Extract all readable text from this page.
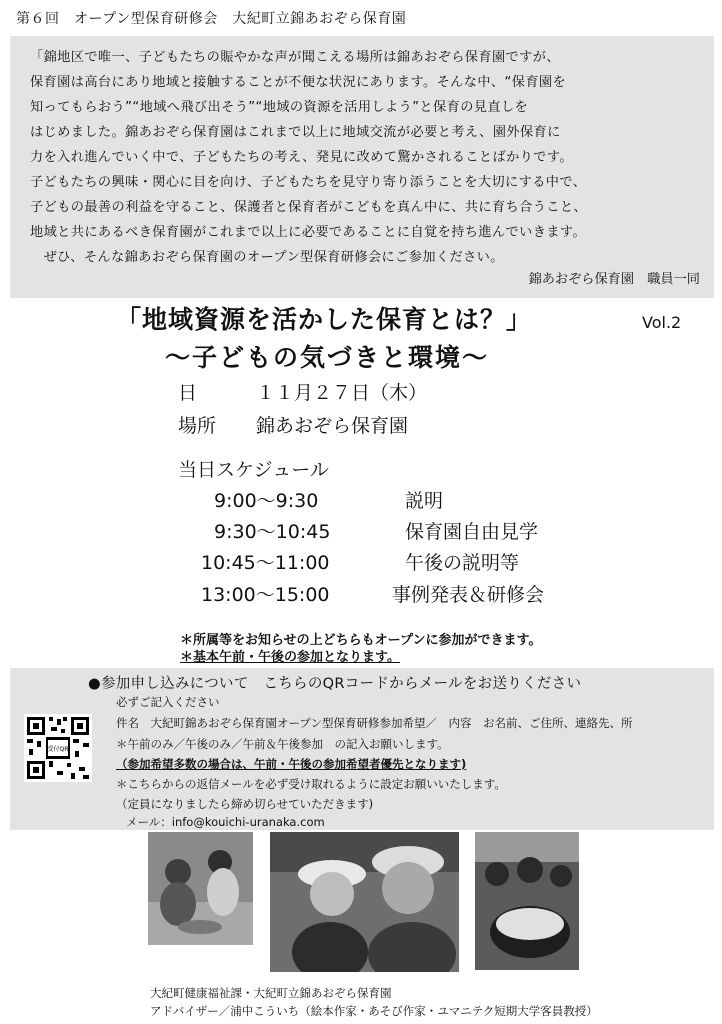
第６回　オープン型保育研修会　大紀町立錦あおぞら保育園
「錦地区で唯一、子どもたちの賑やかな声が聞こえる場所は錦あおぞら保育園ですが、
保育園は高台にあり地域と接触することが不便な状況にあります。そんな中、“保育園を
知ってもらおう”“地域へ飛び出そう”“地域の資源を活用しよう”と保育の見直しを
はじめました。錦あおぞら保育園はこれまで以上に地域交流が必要と考え、園外保育に
力を入れ進んでいく中で、子どもたちの考え、発見に改めて驚かされることばかりです。
子どもたちの興味・関心に目を向け、子どもたちを見守り寄り添うことを大切にする中で、
子どもの最善の利益を守ること、保護者と保育者がこどもを真ん中に、共に育ち合うこと、
地域と共にあるべき保育園がこれまで以上に必要であることに自覚を持ち進んでいきます。
　ぜひ、そんな錦あおぞら保育園のオープン型保育研修会にご参加ください。
錦あおぞら保育園　職員一同
「地域資源を活かした保育とは？」	Vol.2
～子どもの気づきと環境～
日	１１月２７日（木）
場所 錦あおぞら保育園
当日スケジュール
9:00～9:30	説明
9:30～10:45	保育園自由見学
10:45～11:00	午後の説明等
13:00～15:00	事例発表＆研修会
＊所属等をお知らせの上どちらもオープンに参加ができます。
＊基本午前・午後の参加となります。
●参加申し込みについて　こちらのQRコードからメールをお送りください
必ずご記入ください
件名　大紀町錦あおぞら保育園オープン型保育研修参加希望／　内容　お名前、ご住所、連絡先、所
＊午前のみ／午後のみ／午前＆午後参加　の記入お願いします。
（参加希望多数の場合は、午前・午後の参加希望者優先となります)
＊こちらからの返信メールを必ず受け取れるように設定お願いいたします。
（定員になりましたら締め切らせていただきます)
メール：info@kouichi-uranaka.com
受付QR
大紀町健康福祉課・大紀町立錦あおぞら保育園
アドバイザー／浦中こういち（絵本作家・あそび作家・ユマニテク短期大学客員教授）
